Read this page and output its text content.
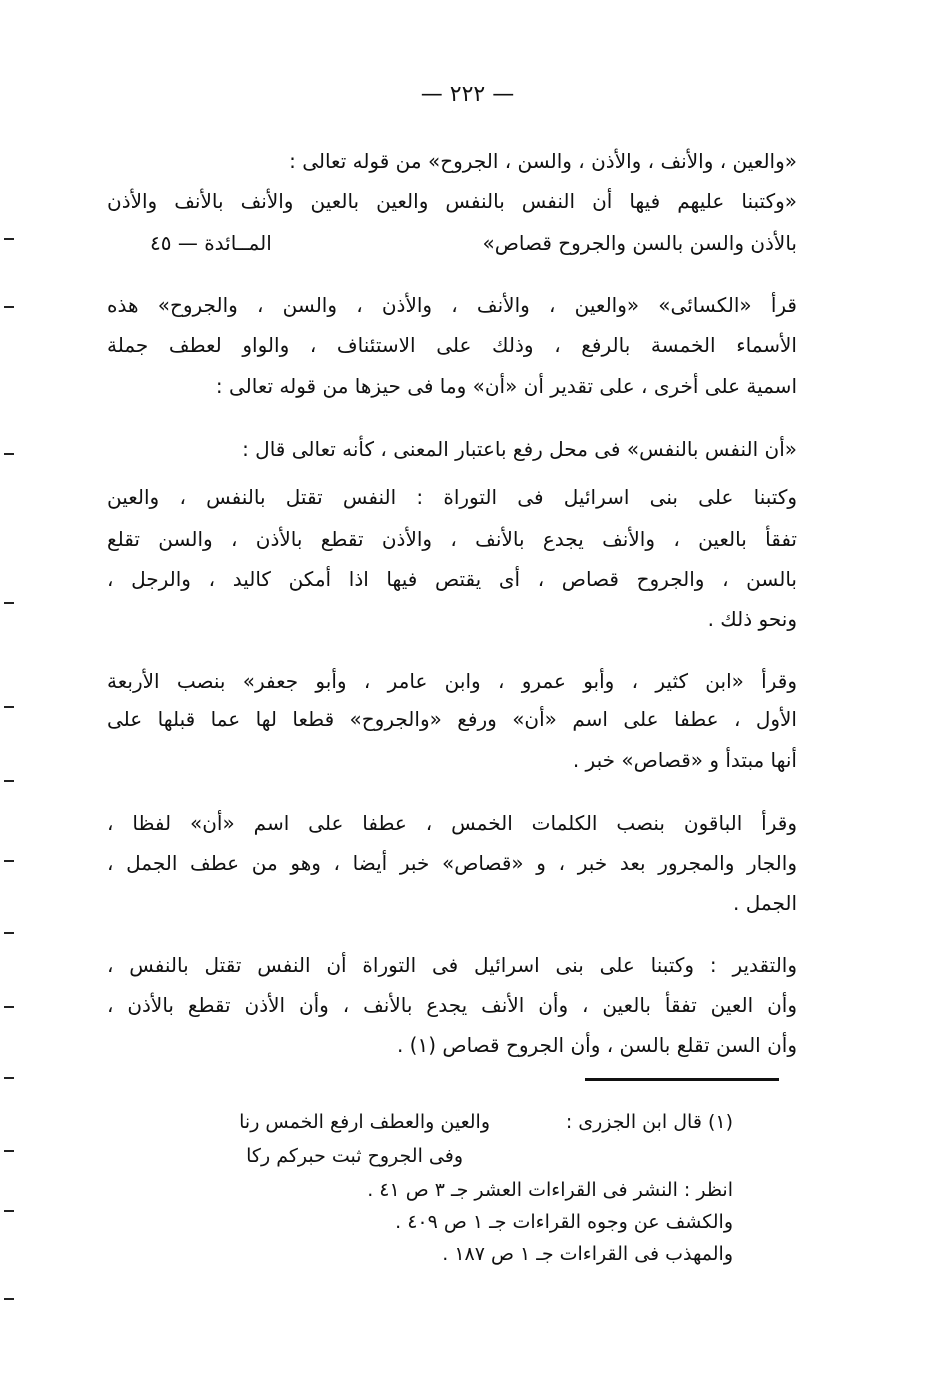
— ٢٢٢ —
«والعين ، والأنف ، والأذن ، والسن ، الجروح» من قوله تعالى :
«وكتبنا عليهم فيها أن النفس بالنفس والعين بالعين والأنف بالأنف والأذن
بالأذن والسن بالسن والجروح قصاص»
المــائدة — ٤٥
قرأ «الكسائى» «والعين ، والأنف ، والأذن ، والسن ، والجروح» هذه
الأسماء الخمسة بالرفع ، وذلك على الاستئناف ، والواو لعطف جملة
اسمية على أخرى ، على تقدير أن «أن» وما فى حيزها من قوله تعالى :
«أن النفس بالنفس» فى محل رفع باعتبار المعنى ، كأنه تعالى قال :
وكتبنا على بنى اسرائيل فى التوراة : النفس تقتل بالنفس ، والعين
تفقأ بالعين ، والأنف يجدع بالأنف ، والأذن تقطع بالأذن ، والسن تقلع
بالسن ، والجروح قصاص ، أى يقتص فيها اذا أمكن كاليد ، والرجل ،
ونحو ذلك .
وقرأ «ابن كثير ، وأبو عمرو ، وابن عامر ، وأبو جعفر» بنصب الأربعة
الأول ، عطفا على اسم «أن» ورفع «والجروح» قطعا لها عما قبلها على
أنها مبتدأ و «قصاص» خبر .
وقرأ الباقون بنصب الكلمات الخمس ، عطفا على اسم «أن» لفظا ،
والجار والمجرور بعد خبر ، و «قصاص» خبر أيضا ، وهو من عطف الجمل ،
الجمل .
والتقدير : وكتبنا على بنى اسرائيل فى التوراة أن النفس تقتل بالنفس ،
وأن العين تفقأ بالعين ، وأن الأنف يجدع بالأنف ، وأن الأذن تقطع بالأذن ،
وأن السن تقلع بالسن ، وأن الجروح قصاص (١) .
(١) قال ابن الجزرى :
والعين والعطف ارفع الخمس رنا
وفى الجروح ثبت حبركم ركا
انظر : النشر فى القراءات العشر جـ ٣ ص ٤١ .
والكشف عن وجوه القراءات جـ ١ ص ٤٠٩ .
والمهذب فى القراءات جـ ١ ص ١٨٧ .
